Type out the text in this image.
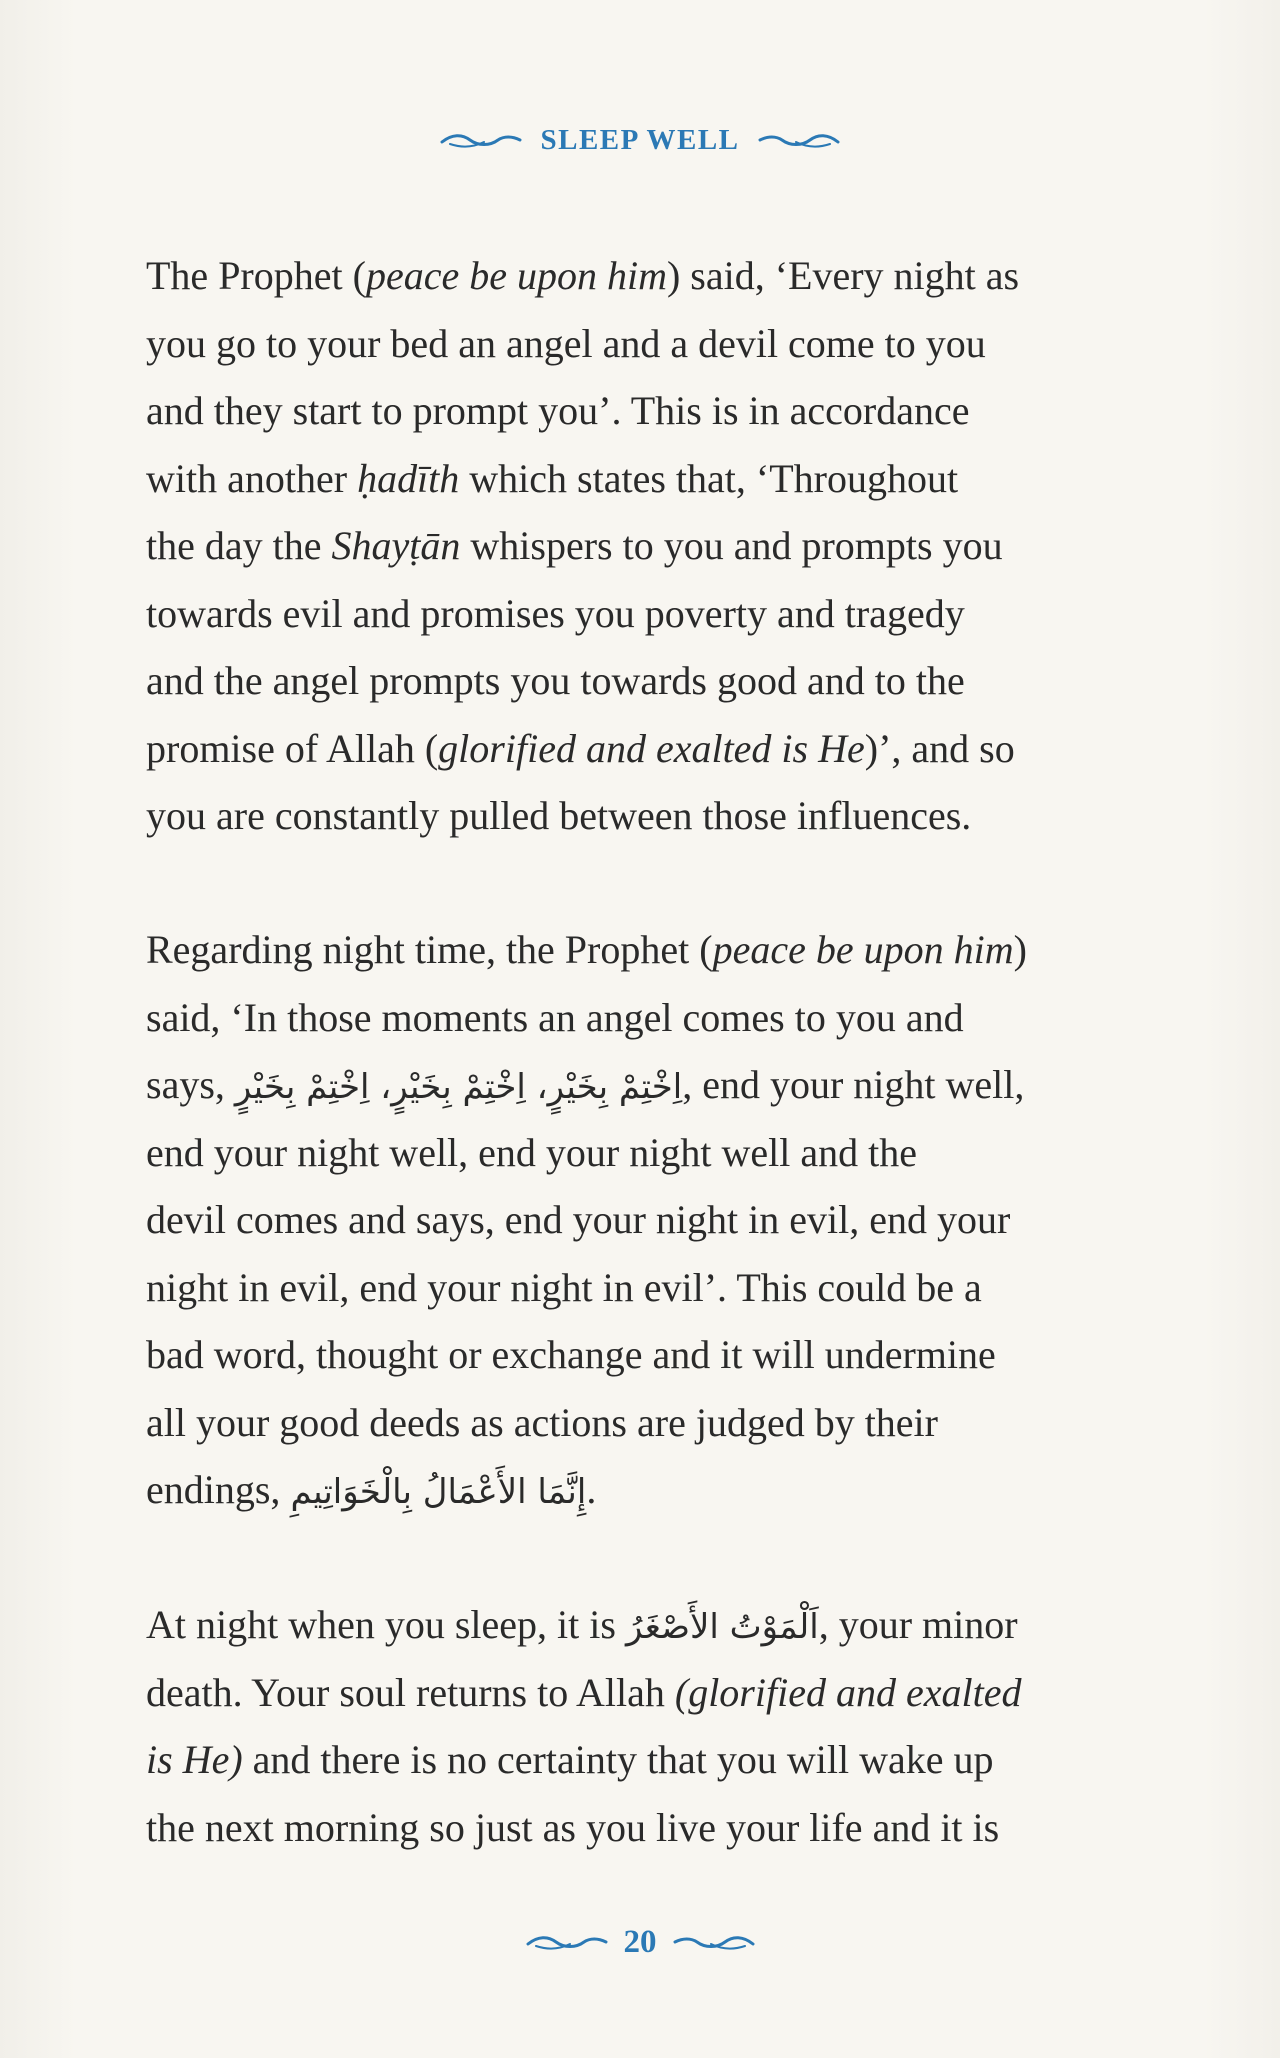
SLEEP WELL
The Prophet (peace be upon him) said, ‘Every night as
you go to your bed an angel and a devil come to you
and they start to prompt you’. This is in accordance
with another ḥadīth which states that, ‘Throughout
the day the Shayṭān whispers to you and prompts you
towards evil and promises you poverty and tragedy
and the angel prompts you towards good and to the
promise of Allah (glorified and exalted is He)’, and so
you are constantly pulled between those influences.
Regarding night time, the Prophet (peace be upon him)
said, ‘In those moments an angel comes to you and
says, اِخْتِمْ بِخَيْرٍ، اِخْتِمْ بِخَيْرٍ، اِخْتِمْ بِخَيْرٍ, end your night well,
end your night well, end your night well and the
devil comes and says, end your night in evil, end your
night in evil, end your night in evil’. This could be a
bad word, thought or exchange and it will undermine
all your good deeds as actions are judged by their
endings, إِنَّمَا الأَعْمَالُ بِالْخَوَاتِيمِ.
At night when you sleep, it is اَلْمَوْتُ الأَصْغَرُ, your minor
death. Your soul returns to Allah (glorified and exalted
is He) and there is no certainty that you will wake up
the next morning so just as you live your life and it is
20
